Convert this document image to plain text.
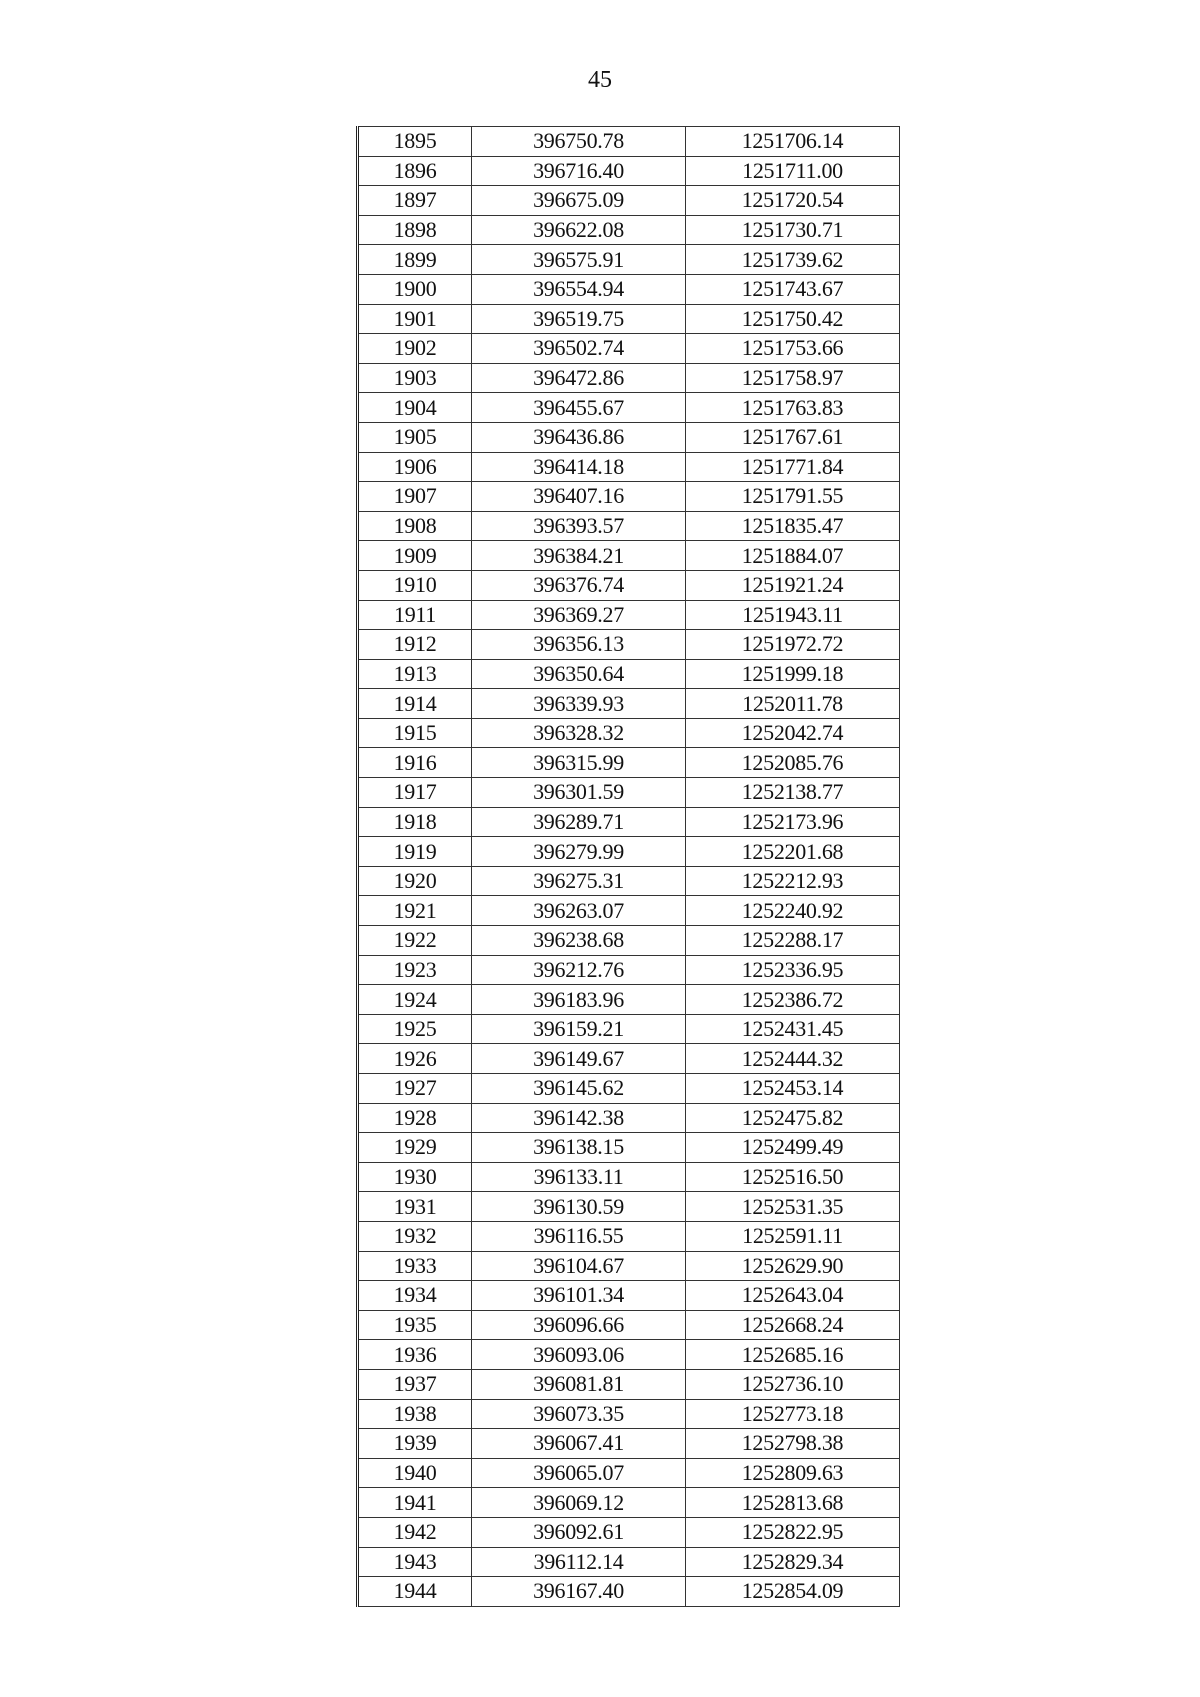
45
1895	396750.78	1251706.14
1896	396716.40	1251711.00
1897	396675.09	1251720.54
1898	396622.08	1251730.71
1899	396575.91	1251739.62
1900	396554.94	1251743.67
1901	396519.75	1251750.42
1902	396502.74	1251753.66
1903	396472.86	1251758.97
1904	396455.67	1251763.83
1905	396436.86	1251767.61
1906	396414.18	1251771.84
1907	396407.16	1251791.55
1908	396393.57	1251835.47
1909	396384.21	1251884.07
1910	396376.74	1251921.24
1911	396369.27	1251943.11
1912	396356.13	1251972.72
1913	396350.64	1251999.18
1914	396339.93	1252011.78
1915	396328.32	1252042.74
1916	396315.99	1252085.76
1917	396301.59	1252138.77
1918	396289.71	1252173.96
1919	396279.99	1252201.68
1920	396275.31	1252212.93
1921	396263.07	1252240.92
1922	396238.68	1252288.17
1923	396212.76	1252336.95
1924	396183.96	1252386.72
1925	396159.21	1252431.45
1926	396149.67	1252444.32
1927	396145.62	1252453.14
1928	396142.38	1252475.82
1929	396138.15	1252499.49
1930	396133.11	1252516.50
1931	396130.59	1252531.35
1932	396116.55	1252591.11
1933	396104.67	1252629.90
1934	396101.34	1252643.04
1935	396096.66	1252668.24
1936	396093.06	1252685.16
1937	396081.81	1252736.10
1938	396073.35	1252773.18
1939	396067.41	1252798.38
1940	396065.07	1252809.63
1941	396069.12	1252813.68
1942	396092.61	1252822.95
1943	396112.14	1252829.34
1944	396167.40	1252854.09
